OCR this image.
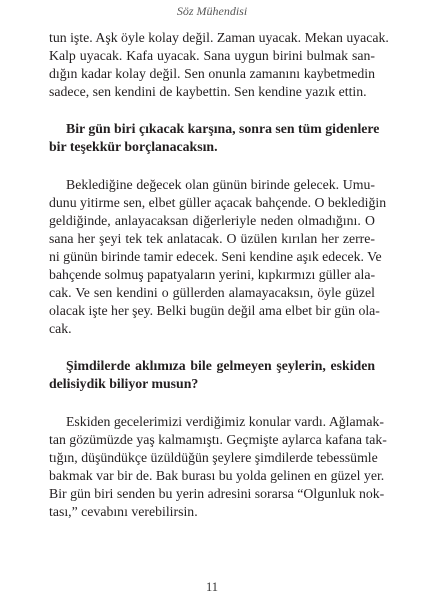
Söz Mühendisi
tun işte. Aşk öyle kolay değil. Zaman uyacak. Mekan uyacak.
Kalp uyacak. Kafa uyacak. Sana uygun birini bulmak san-
dığın kadar kolay değil. Sen onunla zamanını kaybetmedin
sadece, sen kendini de kaybettin. Sen kendine yazık ettin.
Bir gün biri çıkacak karşına, sonra sen tüm gidenlere
bir teşekkür borçlanacaksın.
Beklediğine değecek olan günün birinde gelecek. Umu-
dunu yitirme sen, elbet güller açacak bahçende. O beklediğin
geldiğinde, anlayacaksan diğerleriyle neden olmadığını. O
sana her şeyi tek tek anlatacak. O üzülen kırılan her zerre-
ni günün birinde tamir edecek. Seni kendine aşık edecek. Ve
bahçende solmuş papatyaların yerini, kıpkırmızı güller ala-
cak. Ve sen kendini o güllerden alamayacaksın, öyle güzel
olacak işte her şey. Belki bugün değil ama elbet bir gün ola-
cak.
Şimdilerde aklımıza bile gelmeyen şeylerin, eskiden
delisiydik biliyor musun?
Eskiden gecelerimizi verdiğimiz konular vardı. Ağlamak-
tan gözümüzde yaş kalmamıştı. Geçmişte aylarca kafana tak-
tığın, düşündükçe üzüldüğün şeylere şimdilerde tebessümle
bakmak var bir de. Bak burası bu yolda gelinen en güzel yer.
Bir gün biri senden bu yerin adresini sorarsa “Olgunluk nok-
tası,” cevabını verebilirsin.
11
